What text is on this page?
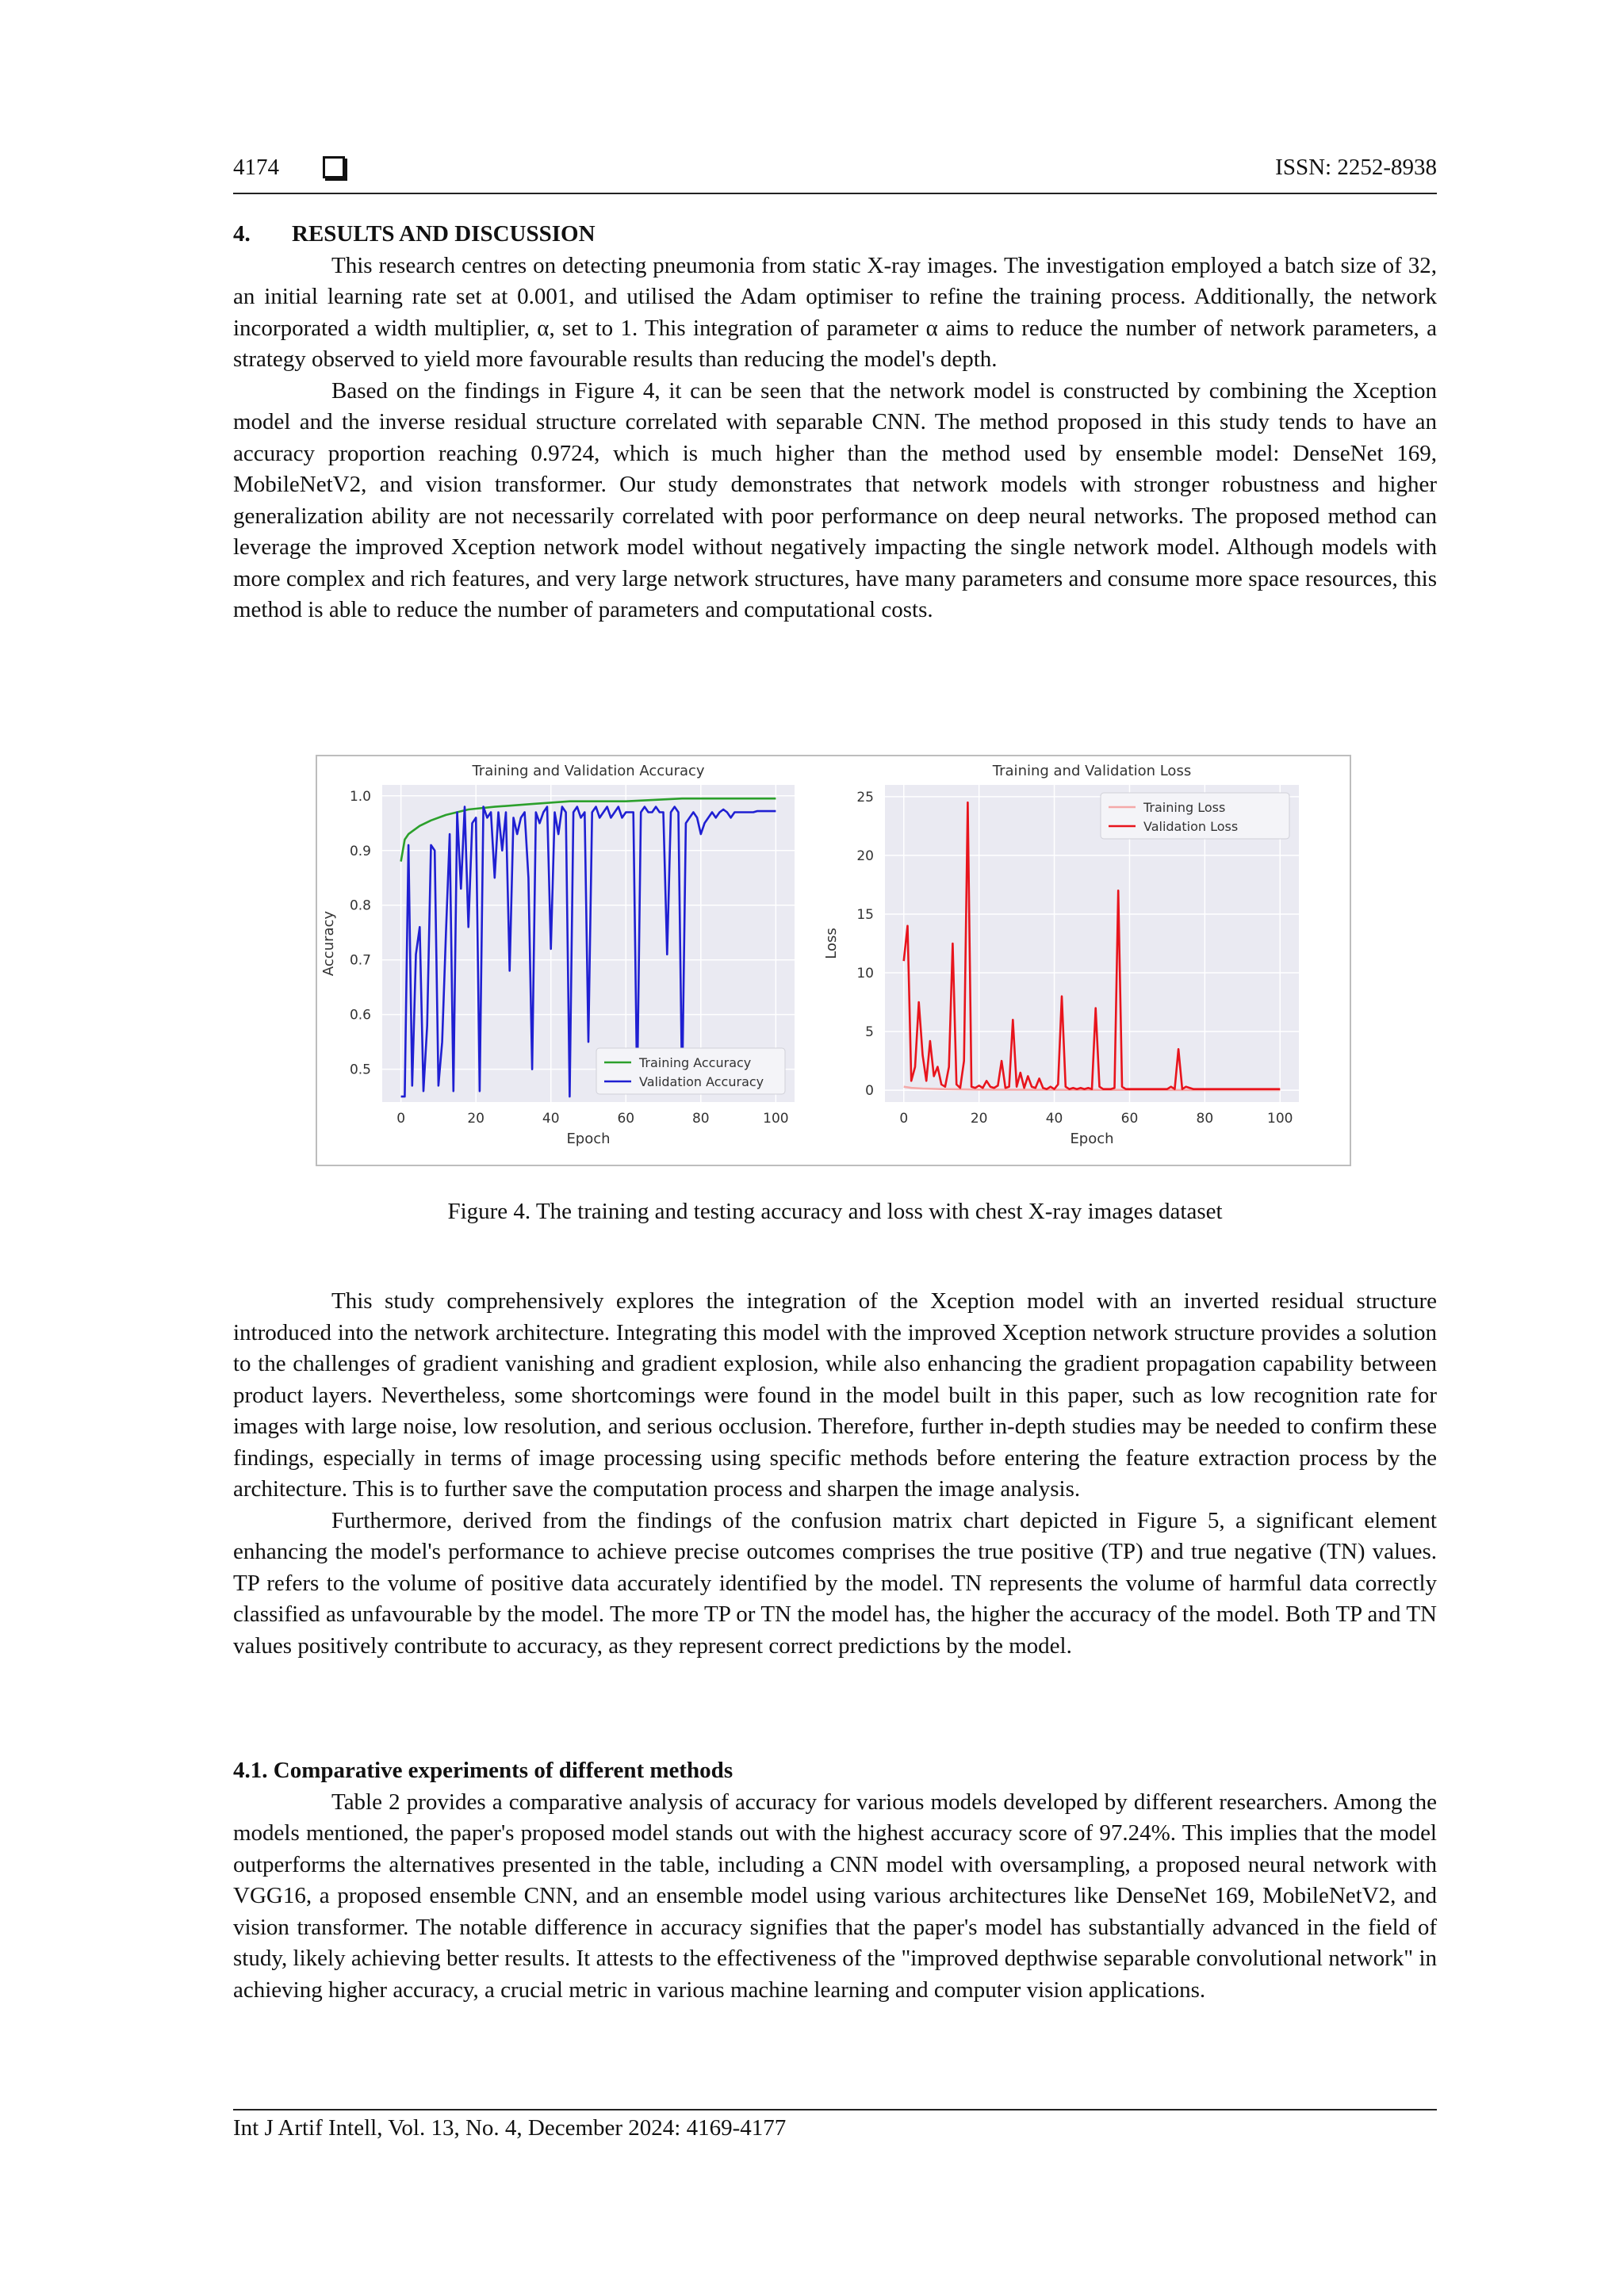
4174	ISSN: 2252-8938
4. RESULTS AND DISCUSSION

This research centres on detecting pneumonia from static X-ray images. The investigation employed a batch size of 32, an initial learning rate set at 0.001, and utilised the Adam optimiser to refine the training process. Additionally, the network incorporated a width multiplier, α, set to 1. This integration of parameter α aims to reduce the number of network parameters, a strategy observed to yield more favourable results than reducing the model's depth.

Based on the findings in Figure 4, it can be seen that the network model is constructed by combining the Xception model and the inverse residual structure correlated with separable CNN. The method proposed in this study tends to have an accuracy proportion reaching 0.9724, which is much higher than the method used by ensemble model: DenseNet 169, MobileNetV2, and vision transformer. Our study demonstrates that network models with stronger robustness and higher generalization ability are not necessarily correlated with poor performance on deep neural networks. The proposed method can leverage the improved Xception network model without negatively impacting the single network model. Although models with more complex and rich features, and very large network structures, have many parameters and consume more space resources, this method is able to reduce the number of parameters and computational costs.

0	20	40	60	80	100
0.5
0.6
0.7
0.8
0.9
1.0
Training and Validation Accuracy
Epoch
Accuracy
Training Accuracy
Validation Accuracy
0	20	40	60	80	100
0
5
10
15
20
25
Training and Validation Loss
Epoch
Loss
Training Loss
Validation Loss
Figure 4. The training and testing accuracy and loss with chest X-ray images dataset

This study comprehensively explores the integration of the Xception model with an inverted residual structure introduced into the network architecture. Integrating this model with the improved Xception network structure provides a solution to the challenges of gradient vanishing and gradient explosion, while also enhancing the gradient propagation capability between product layers. Nevertheless, some shortcomings were found in the model built in this paper, such as low recognition rate for images with large noise, low resolution, and serious occlusion. Therefore, further in-depth studies may be needed to confirm these findings, especially in terms of image processing using specific methods before entering the feature extraction process by the architecture. This is to further save the computation process and sharpen the image analysis.

Furthermore, derived from the findings of the confusion matrix chart depicted in Figure 5, a significant element enhancing the model's performance to achieve precise outcomes comprises the true positive (TP) and true negative (TN) values. TP refers to the volume of positive data accurately identified by the model. TN represents the volume of harmful data correctly classified as unfavourable by the model. The more TP or TN the model has, the higher the accuracy of the model. Both TP and TN values positively contribute to accuracy, as they represent correct predictions by the model.

4.1. Comparative experiments of different methods

Table 2 provides a comparative analysis of accuracy for various models developed by different researchers. Among the models mentioned, the paper's proposed model stands out with the highest accuracy score of 97.24%. This implies that the model outperforms the alternatives presented in the table, including a CNN model with oversampling, a proposed neural network with VGG16, a proposed ensemble CNN, and an ensemble model using various architectures like DenseNet 169, MobileNetV2, and vision transformer. The notable difference in accuracy signifies that the paper's model has substantially advanced in the field of study, likely achieving better results. It attests to the effectiveness of the "improved depthwise separable convolutional network" in achieving higher accuracy, a crucial metric in various machine learning and computer vision applications.

Int J Artif Intell, Vol. 13, No. 4, December 2024: 4169-4177
